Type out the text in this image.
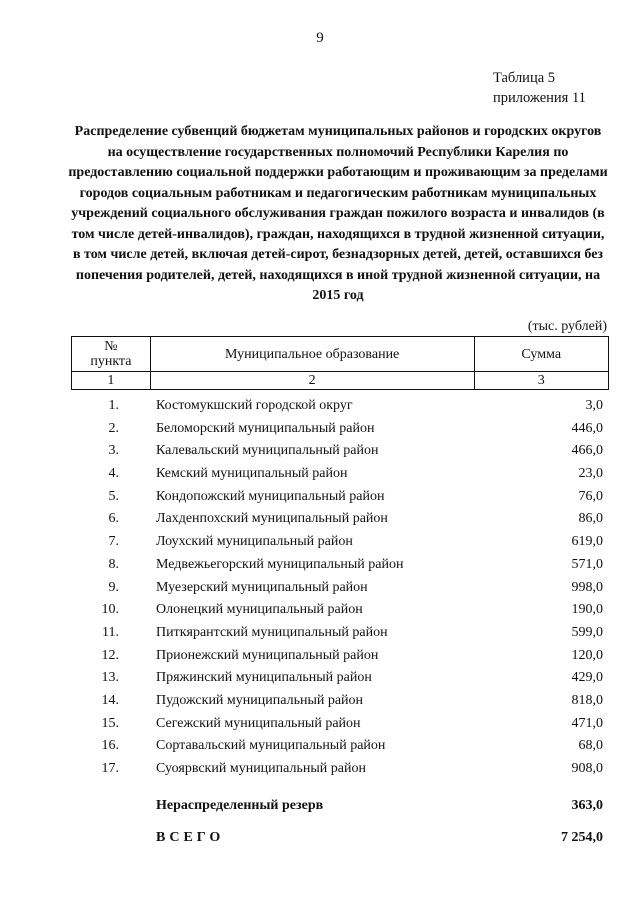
9
Таблица 5
приложения 11
Распределение субвенций бюджетам муниципальных районов и городских округов на осуществление государственных полномочий Республики Карелия по предоставлению социальной поддержки работающим и проживающим за пределами городов социальным работникам и педагогическим работникам муниципальных учреждений социального обслуживания граждан пожилого возраста и инвалидов (в том числе детей-инвалидов), граждан, находящихся в трудной жизненной ситуации, в том числе детей, включая детей-сирот, безнадзорных детей, детей, оставшихся без попечения родителей, детей, находящихся в иной трудной жизненной ситуации, на 2015 год
(тыс. рублей)
№
пункта	Муниципальное образование	Сумма
1	2	3
1.	Костомукшский городской округ	3,0
2.	Беломорский муниципальный район	446,0
3.	Калевальский муниципальный район	466,0
4.	Кемский муниципальный район	23,0
5.	Кондопожский муниципальный район	76,0
6.	Лахденпохский муниципальный район	86,0
7.	Лоухский муниципальный район	619,0
8.	Медвежьегорский муниципальный район	571,0
9.	Муезерский муниципальный район	998,0
10.	Олонецкий муниципальный район	190,0
11.	Питкярантский муниципальный район	599,0
12.	Прионежский муниципальный район	120,0
13.	Пряжинский муниципальный район	429,0
14.	Пудожский муниципальный район	818,0
15.	Сегежский муниципальный район	471,0
16.	Сортавальский муниципальный район	68,0
17.	Суоярвский муниципальный район	908,0
Нераспределенный резерв	363,0
ВСЕГО	7 254,0
